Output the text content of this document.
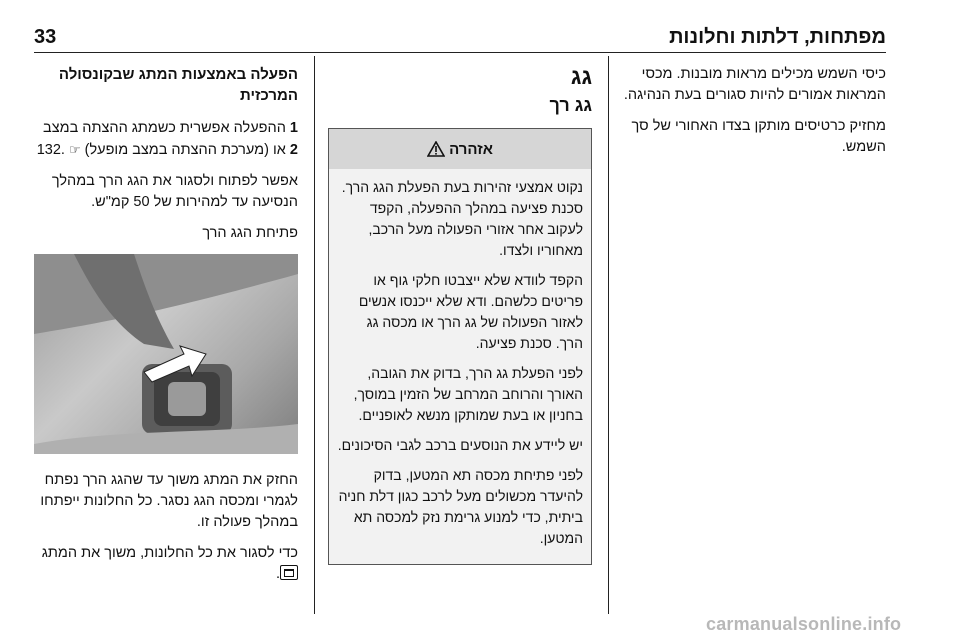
33	מפתחות, דלתות וחלונות

כיסי השמש מכילים מראות מובנות. מכסי המראות אמורים להיות סגורים בעת הנהיגה.

מחזיק כרטיסים מותקן בצדו האחורי של סך השמש.

גג
גג רך
אזהרה

נקוט אמצעי זהירות בעת הפעלת הגג הרך. סכנת פציעה במהלך ההפעלה, הקפד לעקוב אחר אזורי הפעולה מעל הרכב, מאחוריו ולצדו.

הקפד לוודא שלא ייצבטו חלקי גוף או פריטים כלשהם. ודא שלא ייכנסו אנשים לאזור הפעולה של גג הרך או מכסה גג הרך. סכנת פציעה.

לפני הפעלת גג הרך, בדוק את הגובה, האורך והרוחב המרחב של הזמין במוסך, בחניון או בעת שמותקן מנשא לאופניים.

יש ליידע את הנוסעים ברכב לגבי הסיכונים.

לפני פתיחת מכסה תא המטען, בדוק להיעדר מכשולים מעל לרכב כגון דלת חניה ביתית, כדי למנוע גרימת נזק למכסה תא המטען.

הפעלה באמצעות המתג שבקונסולה המרכזית

1 ההפעלה אפשרית כשמתג ההצתה במצב 2 או (מערכת ההצתה במצב מופעל) ☞ .132

אפשר לפתוח ולסגור את הגג הרך במהלך הנסיעה עד למהירות של 50 קמ"ש.

פתיחת הגג הרך

החזק את המתג משוך עד שהגג הרך נפתח לגמרי ומכסה הגג נסגר. כל החלונות ייפתחו במהלך פעולה זו.

כדי לסגור את כל החלונות, משוך את המתג .

carmanualsonline.info
